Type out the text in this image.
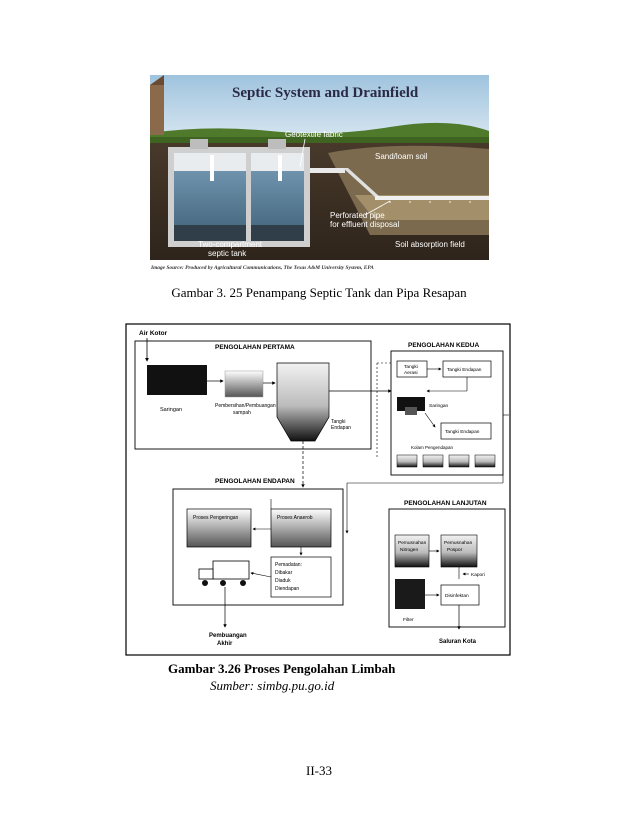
Septic System and Drainfield
Geotextile fabric
Sand/loam soil
Perforated pipe
for effluent disposal
Two-compartment
septic tank
Soil absorption field
Image Source: Produced by Agricultural Communications, The Texas A&M University System, EPA
Gambar 3. 25 Penampang Septic Tank dan Pipa Resapan
Air Kotor
PENGOLAHAN PERTAMA
Saringan
Pembersihan/Pembuangan
sampah
Tangki
Endapan
PENGOLAHAN KEDUA
Tangki
Aerasi
Tangki Endapan
Saringan
Tangki Endapan
Kolam Pengendapan
PENGOLAHAN ENDAPAN
Proses Pengeringan	Proses Anaerob
Pemadatan:
Dibakar
Diaduk
Diendapan
Pembuangan
Akhir
PENGOLAHAN LANJUTAN
Pemusnahan
Nitrogen
Pemusnahan
Pospor
Kapori
Filter
Disinfektan
Saluran Kota
Gambar 3.26 Proses Pengolahan Limbah
Sumber: simbg.pu.go.id
II-33
